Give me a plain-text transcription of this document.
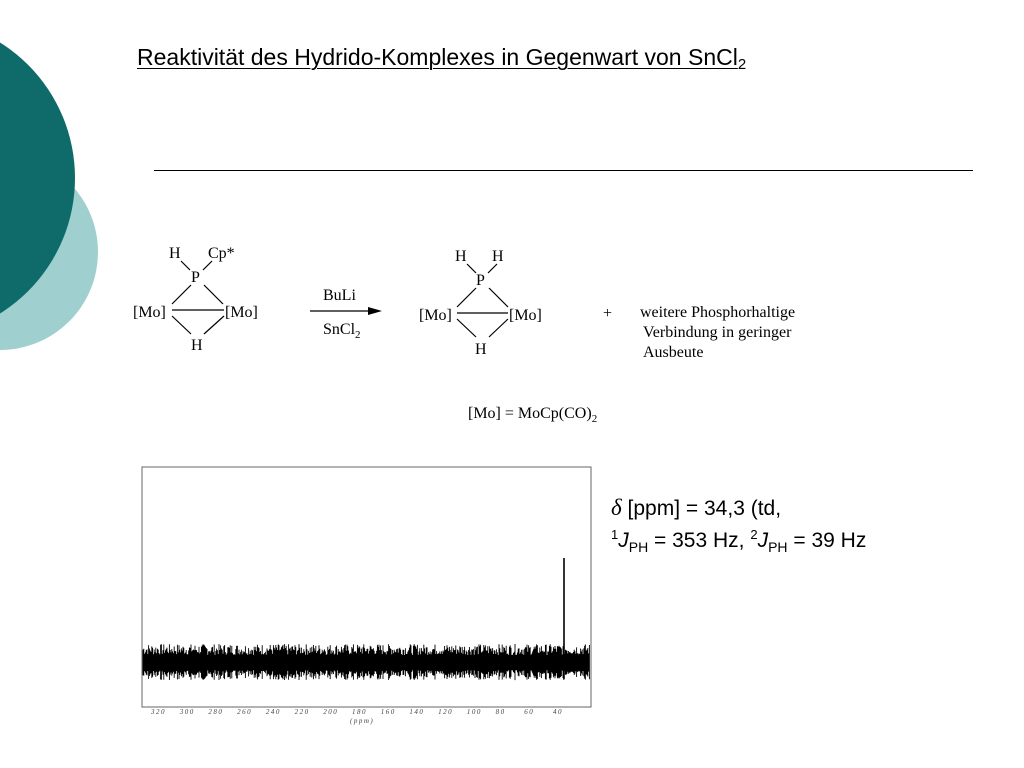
Reaktivität des Hydrido-Komplexes in Gegenwart von SnCl$_2$
H Cp*
P
[Mo]	[Mo]
H
BuLi
SnCl$_2$
H H
P
[Mo]	[Mo]
H
+ weitere Phosphorhaltige
Verbindung in geringer
Ausbeute
$[Mo] = MoCp(CO)_2$
320 300 280 260 240 220 200 180 160 140 120 100 80	60	40
(ppm)
δ [ppm] = 34,3 (td,
$^1J_{PH} = 353$ Hz, $^2J_{PH} = 39$ Hz
